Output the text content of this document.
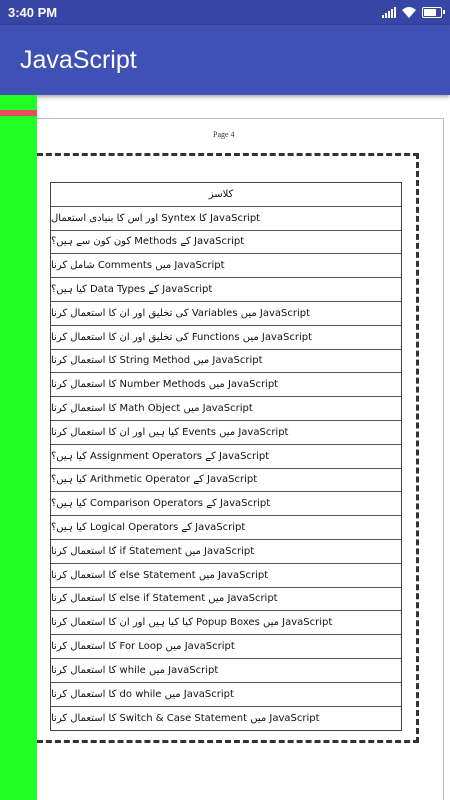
3:40 PM
JavaScript
Page 4
کلاسز
JavaScript کا Syntex اور اس کا بنیادی استعمال
JavaScript کے Methods کون کون سے ہیں؟
JavaScript میں Comments شامل کرنا
JavaScript کے Data Types کیا ہیں؟
JavaScript میں Variables کی تخلیق اور ان کا استعمال کرنا
JavaScript میں Functions کی تخلیق اور ان کا استعمال کرنا
JavaScript میں String Method کا استعمال کرنا
JavaScript میں Number Methods کا استعمال کرنا
JavaScript میں Math Object کا استعمال کرنا
JavaScript میں Events کیا ہیں اور ان کا استعمال کرنا
JavaScript کے Assignment Operators کیا ہیں؟
JavaScript کے Arithmetic Operator کیا ہیں؟
JavaScript کے Comparison Operators کیا ہیں؟
JavaScript کے Logical Operators کیا ہیں؟
JavaScript میں if Statement کا استعمال کرنا
JavaScript میں else Statement کا استعمال کرنا
JavaScript میں else if Statement کا استعمال کرنا
JavaScript میں Popup Boxes کیا کیا ہیں اور ان کا استعمال کرنا
JavaScript میں For Loop کا استعمال کرنا
JavaScript میں while کا استعمال کرنا
JavaScript میں do while کا استعمال کرنا
JavaScript میں Switch & Case Statement کا استعمال کرنا
